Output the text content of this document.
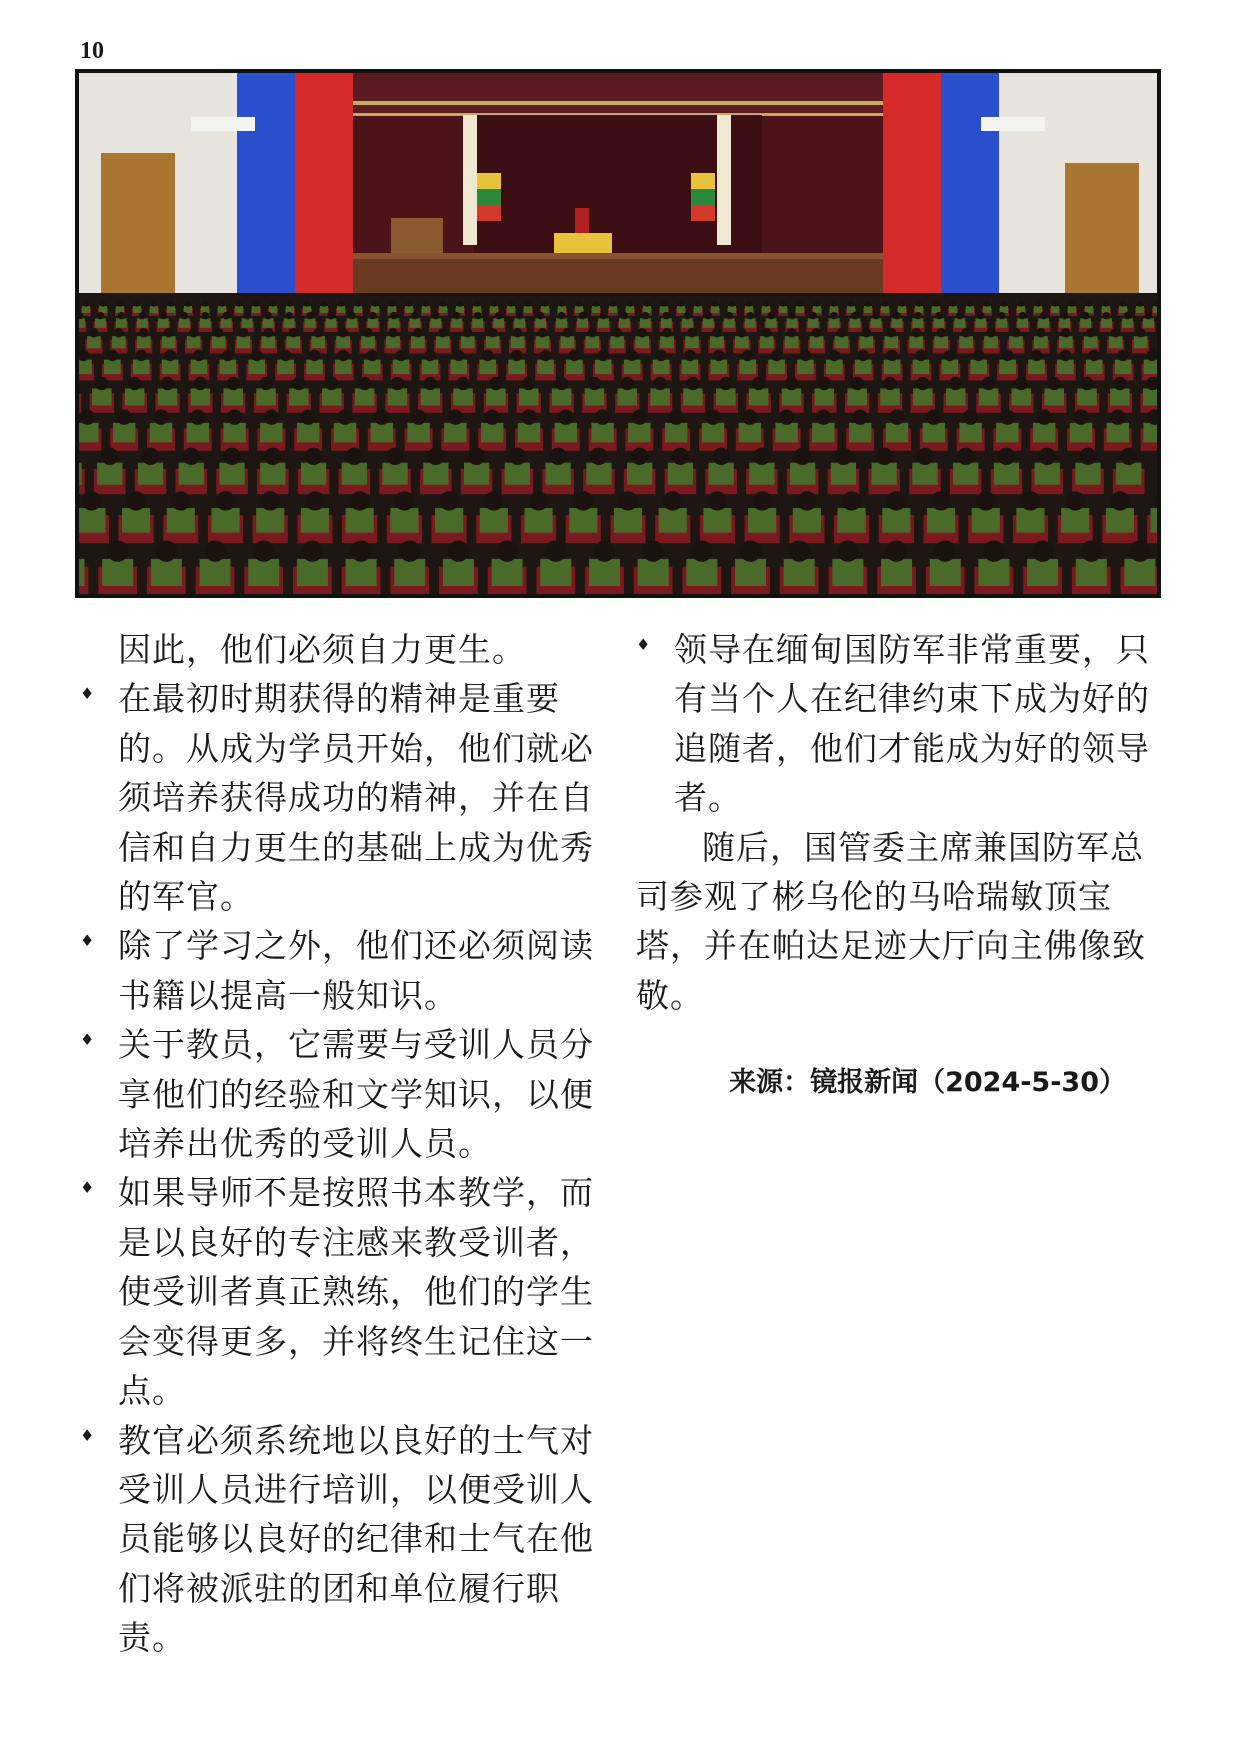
10

因此，他们必须自力更生。

♦ 在最初时期获得的精神是重要的。从成为学员开始，他们就必须培养获得成功的精神，并在自信和自力更生的基础上成为优秀的军官。

♦ 除了学习之外，他们还必须阅读书籍以提高一般知识。

♦ 关于教员，它需要与受训人员分享他们的经验和文学知识，以便培养出优秀的受训人员。

♦ 如果导师不是按照书本教学，而是以良好的专注感来教受训者，使受训者真正熟练，他们的学生会变得更多，并将终生记住这一点。

♦ 教官必须系统地以良好的士气对受训人员进行培训，以便受训人员能够以良好的纪律和士气在他们将被派驻的团和单位履行职责。

♦ 领导在缅甸国防军非常重要，只有当个人在纪律约束下成为好的追随者，他们才能成为好的领导者。

随后，国管委主席兼国防军总司参观了彬乌伦的马哈瑞敏顶宝塔，并在帕达足迹大厅向主佛像致敬。

来源：镜报新闻（2024-5-30）
